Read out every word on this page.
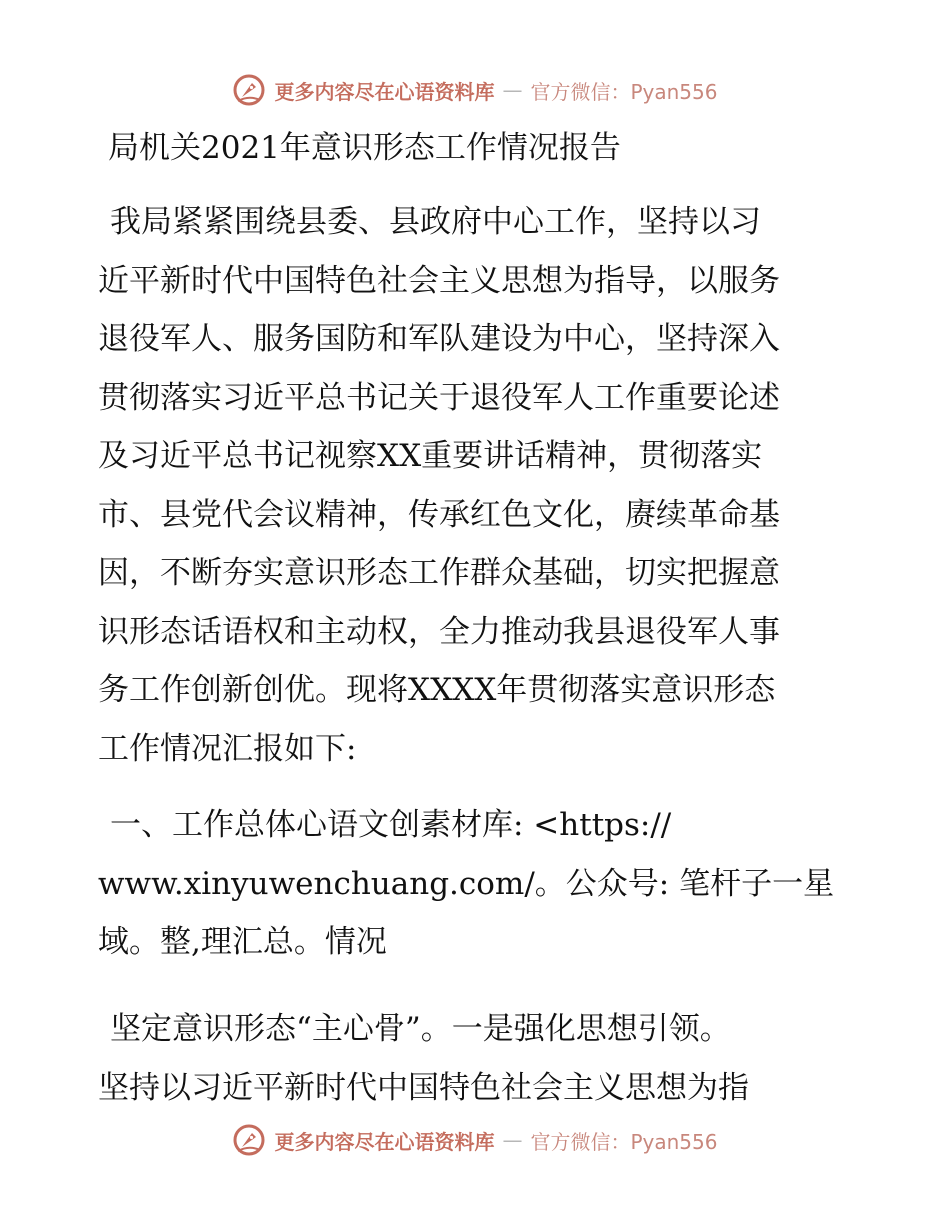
更多内容尽在心语资料库 — 官方微信：Pyan556
局机关2021年意识形态工作情况报告
我局紧紧围绕县委、县政府中心工作，坚持以习
近平新时代中国特色社会主义思想为指导，以服务
退役军人、服务国防和军队建设为中心，坚持深入
贯彻落实习近平总书记关于退役军人工作重要论述
及习近平总书记视察XX重要讲话精神，贯彻落实
市、县党代会议精神，传承红色文化，赓续革命基
因，不断夯实意识形态工作群众基础，切实把握意
识形态话语权和主动权，全力推动我县退役军人事
务工作创新创优。现将XXXX年贯彻落实意识形态
工作情况汇报如下:
一、工作总体心语文创素材库: <https://
www.xinyuwenchuang.com/。公众号: 笔杆子一星
域。整,理汇总。情况
坚定意识形态“主心骨”。一是强化思想引领。
坚持以习近平新时代中国特色社会主义思想为指
更多内容尽在心语资料库 — 官方微信：Pyan556
